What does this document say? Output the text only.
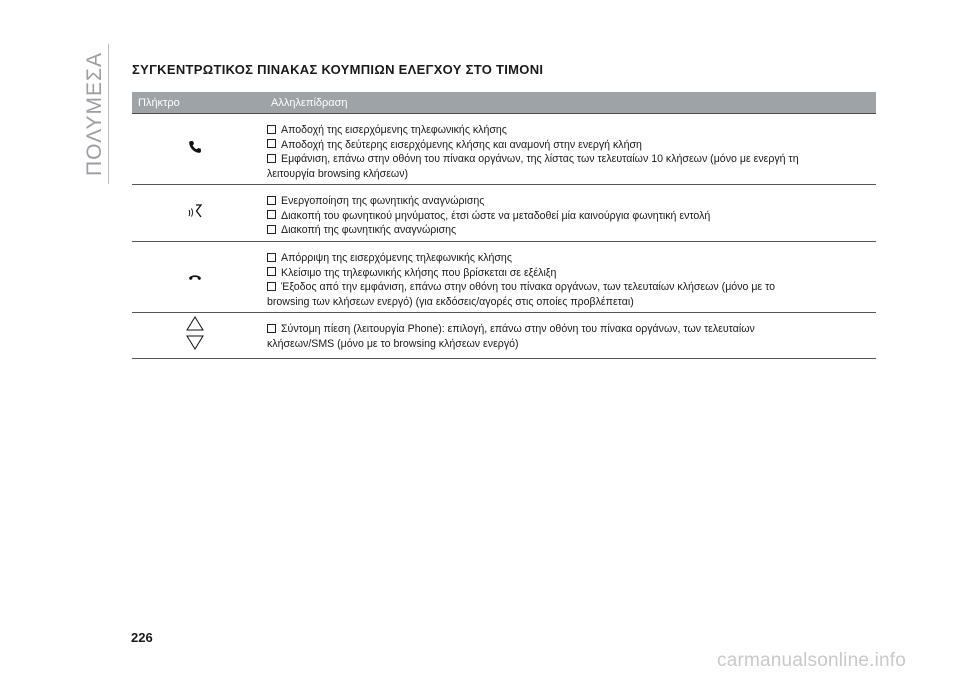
ΠΟΛΥΜΕΣΑ ΣΥΓΚΕΝΤΡΩΤΙΚΟΣ ΠΙΝΑΚΑΣ ΚΟΥΜΠΙΩΝ ΕΛΕΓΧΟΥ ΣΤΟ ΤΙΜΟΝΙ
Πλήκτρο	Αλληλεπίδραση
Αποδοχή της εισερχόμενης τηλεφωνικής κλήσης
Αποδοχή της δεύτερης εισερχόμενης κλήσης και αναμονή στην ενεργή κλήση
Εμφάνιση, επάνω στην οθόνη του πίνακα οργάνων, της λίστας των τελευταίων 10 κλήσεων (μόνο με ενεργή τη
λειτουργία browsing κλήσεων)
Ενεργοποίηση της φωνητικής αναγνώρισης
Διακοπή του φωνητικού μηνύματος, έτσι ώστε να μεταδοθεί μία καινούργια φωνητική εντολή
Διακοπή της φωνητικής αναγνώρισης
Απόρριψη της εισερχόμενης τηλεφωνικής κλήσης
Κλείσιμο της τηλεφωνικής κλήσης που βρίσκεται σε εξέλιξη
Έξοδος από την εμφάνιση, επάνω στην οθόνη του πίνακα οργάνων, των τελευταίων κλήσεων (μόνο με το
browsing των κλήσεων ενεργό) (για εκδόσεις/αγορές στις οποίες προβλέπεται)
Σύντομη πίεση (λειτουργία Phone): επιλογή, επάνω στην οθόνη του πίνακα οργάνων, των τελευταίων
κλήσεων/SMS (μόνο με το browsing κλήσεων ενεργό)
226
carmanualsonline.info
